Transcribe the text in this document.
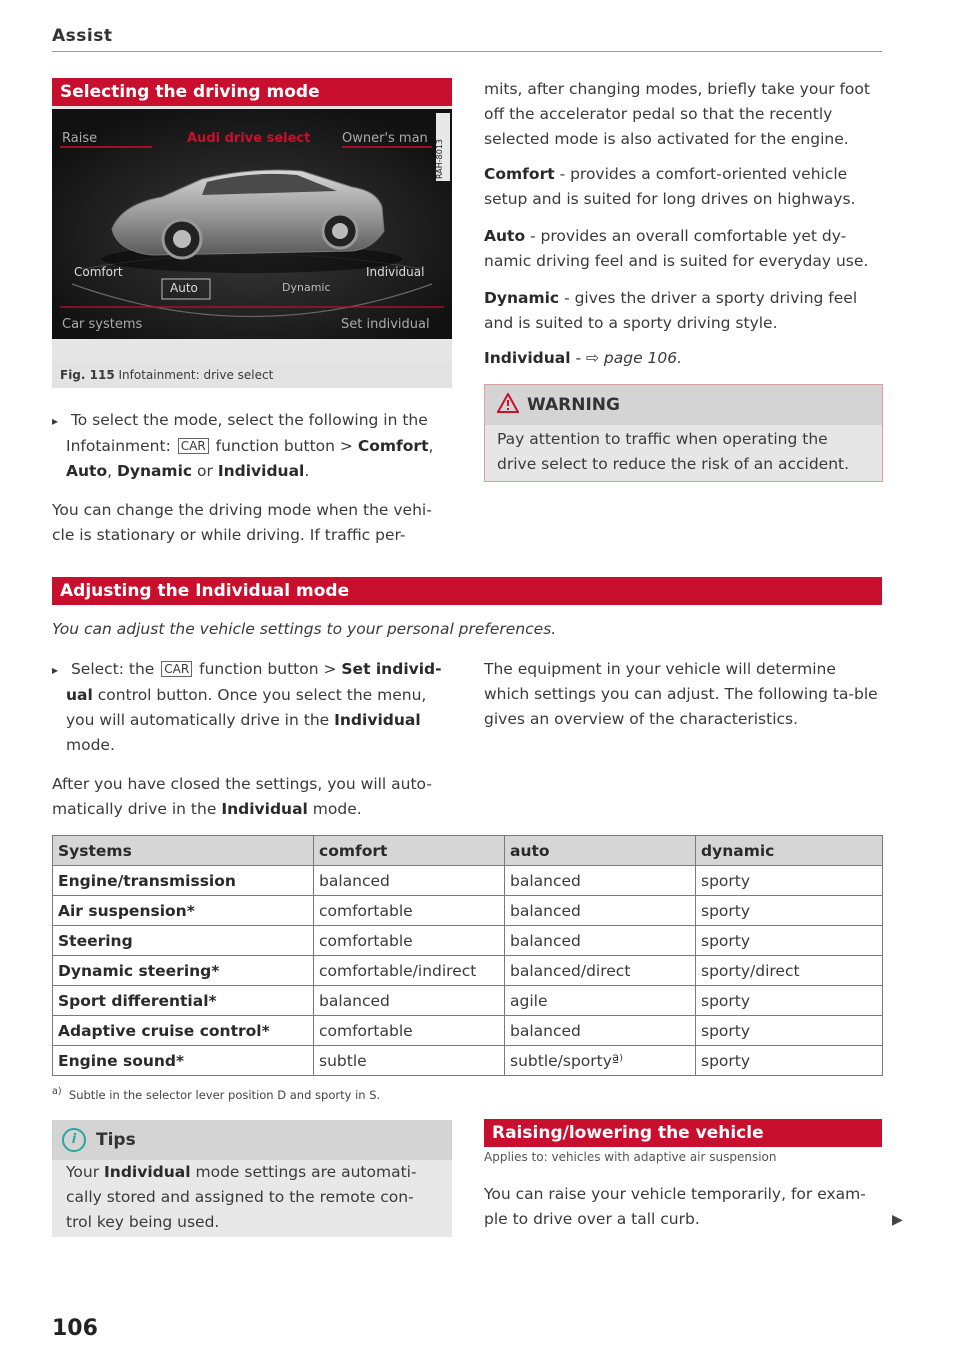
Assist
Selecting the driving mode
Raise	Audi drive select Owner's man
RAH-8013
Comfort
Auto	Dynamic
Individual
Car systems	Set individual
Fig. 115 Infotainment: drive select

▸ To select the mode, select the following in the Infotainment: CAR function button > Comfort, Auto, Dynamic or Individual.

You can change the driving mode when the vehi-cle is stationary or while driving. If traffic per-

mits, after changing modes, briefly take your foot off the accelerator pedal so that the recently selected mode is also activated for the engine.

Comfort - provides a comfort-oriented vehicle setup and is suited for long drives on highways.

Auto - provides an overall comfortable yet dy-namic driving feel and is suited for everyday use.

Dynamic - gives the driver a sporty driving feel and is suited to a sporty driving style.

Individual - ⇨ page 106.

WARNING

Pay attention to traffic when operating the drive select to reduce the risk of an accident.

Adjusting the Individual mode
You can adjust the vehicle settings to your personal preferences.

▸ Select: the CAR function button > Set individ-ual control button. Once you select the menu, you will automatically drive in the Individual mode.

After you have closed the settings, you will auto-matically drive in the Individual mode.

The equipment in your vehicle will determine which settings you can adjust. The following ta-ble gives an overview of the characteristics.

Systems	comfort	auto	dynamic
Engine/transmission	balanced	balanced	sporty
Air suspension*	comfortable	balanced	sporty
Steering	comfortable	balanced	sporty
Dynamic steering*	comfortable/indirect	balanced/direct	sporty/direct
Sport differential*	balanced	agile	sporty
Adaptive cruise control*	comfortable	balanced	sporty
Engine sound*	subtle	subtle/sportyª⁾	sporty
$^{a)}$ Subtle in the selector lever position D and sporty in S.
i Tips

Your Individual mode settings are automati-cally stored and assigned to the remote con-trol key being used.

Raising/lowering the vehicle
Applies to: vehicles with adaptive air suspension

You can raise your vehicle temporarily, for exam-ple to drive over a tall curb.	▶
106
